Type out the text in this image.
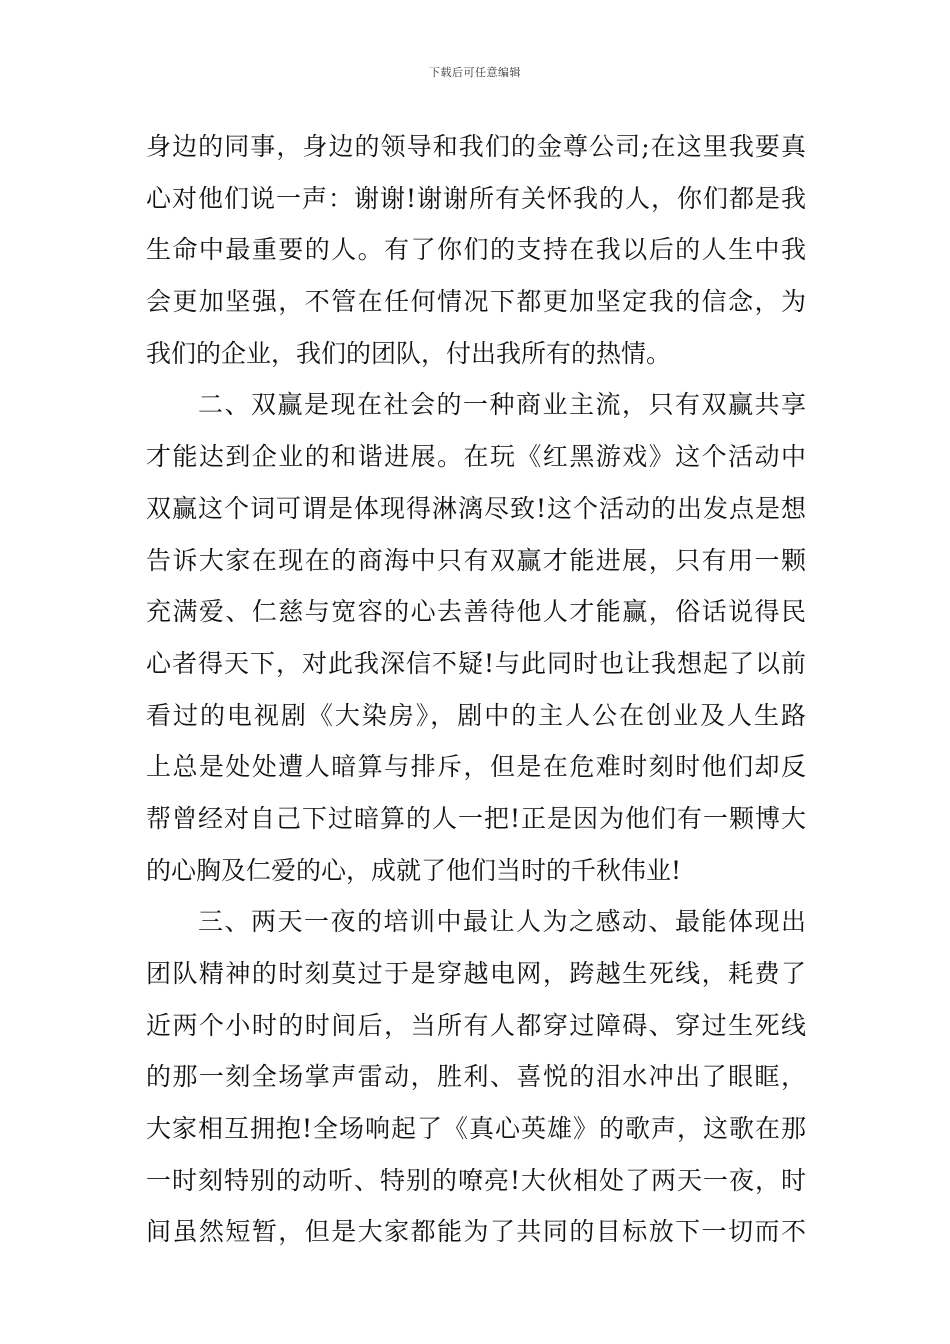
下载后可任意编辑
身边的同事，身边的领导和我们的金尊公司;在这里我要真
心对他们说一声：谢谢!谢谢所有关怀我的人，你们都是我
生命中最重要的人。有了你们的支持在我以后的人生中我
会更加坚强，不管在任何情况下都更加坚定我的信念，为
我们的企业，我们的团队，付出我所有的热情。
二、双赢是现在社会的一种商业主流，只有双赢共享
才能达到企业的和谐进展。在玩《红黑游戏》这个活动中
双赢这个词可谓是体现得淋漓尽致!这个活动的出发点是想
告诉大家在现在的商海中只有双赢才能进展，只有用一颗
充满爱、仁慈与宽容的心去善待他人才能赢，俗话说得民
心者得天下，对此我深信不疑!与此同时也让我想起了以前
看过的电视剧《大染房》，剧中的主人公在创业及人生路
上总是处处遭人暗算与排斥，但是在危难时刻时他们却反
帮曾经对自己下过暗算的人一把!正是因为他们有一颗博大
的心胸及仁爱的心，成就了他们当时的千秋伟业!
三、两天一夜的培训中最让人为之感动、最能体现出
团队精神的时刻莫过于是穿越电网，跨越生死线，耗费了
近两个小时的时间后，当所有人都穿过障碍、穿过生死线
的那一刻全场掌声雷动，胜利、喜悦的泪水冲出了眼眶，
大家相互拥抱!全场响起了《真心英雄》的歌声，这歌在那
一时刻特别的动听、特别的嘹亮!大伙相处了两天一夜，时
间虽然短暂，但是大家都能为了共同的目标放下一切而不
